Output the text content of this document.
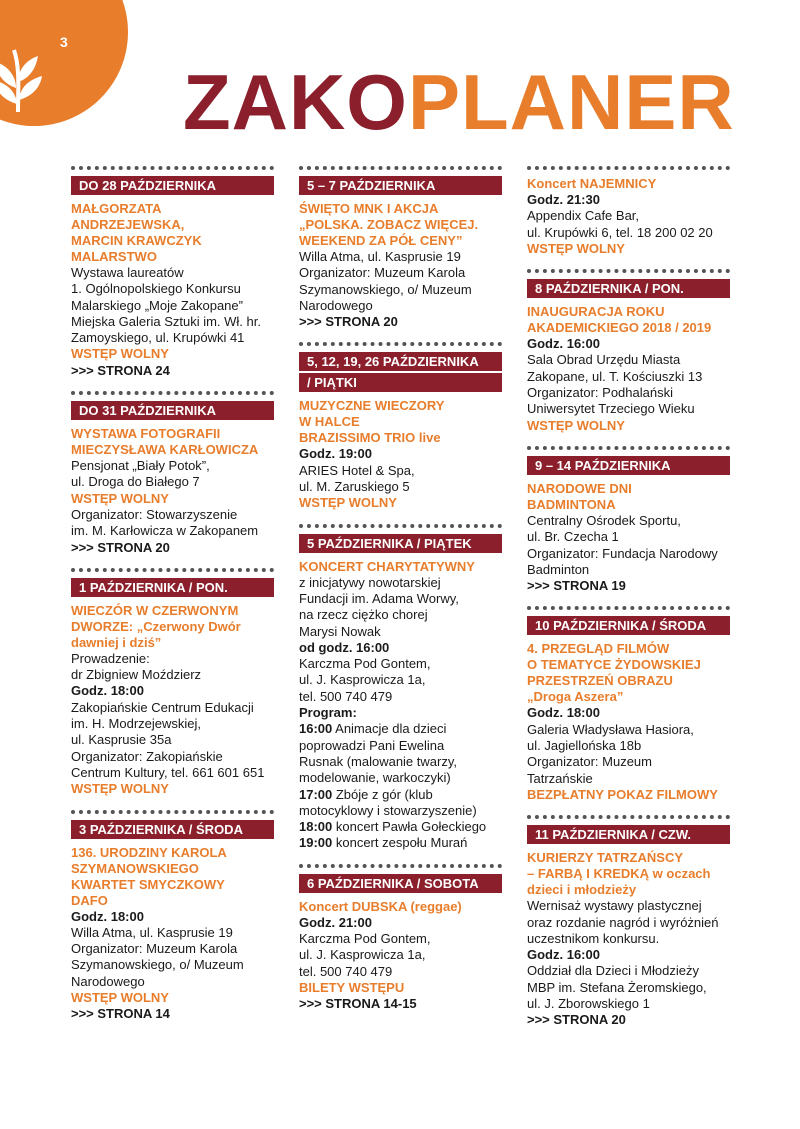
3
ZAKOPLANER
DO 28 PAŹDZIERNIKA
MAŁGORZATA
ANDRZEJEWSKA,
MARCIN KRAWCZYK
MALARSTWO
Wystawa laureatów
1. Ogólnopolskiego Konkursu
Malarskiego „Moje Zakopane”
Miejska Galeria Sztuki im. Wł. hr.
Zamoyskiego, ul. Krupówki 41
WSTĘP WOLNY
>>> STRONA 24
DO 31 PAŹDZIERNIKA
WYSTAWA FOTOGRAFII
MIECZYSŁAWA KARŁOWICZA
Pensjonat „Biały Potok”,
ul. Droga do Białego 7
WSTĘP WOLNY
Organizator: Stowarzyszenie
im. M. Karłowicza w Zakopanem
>>> STRONA 20
1 PAŹDZIERNIKA / PON.
WIECZÓR W CZERWONYM
DWORZE: „Czerwony Dwór
dawniej i dziś”
Prowadzenie:
dr Zbigniew Moździerz
Godz. 18:00
Zakopiańskie Centrum Edukacji
im. H. Modrzejewskiej,
ul. Kasprusie 35a
Organizator: Zakopiańskie
Centrum Kultury, tel. 661 601 651
WSTĘP WOLNY
3 PAŹDZIERNIKA / ŚRODA
136. URODZINY KAROLA
SZYMANOWSKIEGO
KWARTET SMYCZKOWY
DAFO
Godz. 18:00
Willa Atma, ul. Kasprusie 19
Organizator: Muzeum Karola
Szymanowskiego, o/ Muzeum
Narodowego
WSTĘP WOLNY
>>> STRONA 14
5 – 7 PAŹDZIERNIKA
ŚWIĘTO MNK I AKCJA
„POLSKA. ZOBACZ WIĘCEJ.
WEEKEND ZA PÓŁ CENY”
Willa Atma, ul. Kasprusie 19
Organizator: Muzeum Karola
Szymanowskiego, o/ Muzeum
Narodowego
>>> STRONA 20
5, 12, 19, 26 PAŹDZIERNIKA
/ PIĄTKI
MUZYCZNE WIECZORY
W HALCE
BRAZISSIMO TRIO live
Godz. 19:00
ARIES Hotel & Spa,
ul. M. Zaruskiego 5
WSTĘP WOLNY
5 PAŹDZIERNIKA / PIĄTEK
KONCERT CHARYTATYWNY
z inicjatywy nowotarskiej
Fundacji im. Adama Worwy,
na rzecz ciężko chorej
Marysi Nowak
od godz. 16:00
Karczma Pod Gontem,
ul. J. Kasprowicza 1a,
tel. 500 740 479
Program:
16:00 Animacje dla dzieci
poprowadzi Pani Ewelina
Rusnak (malowanie twarzy,
modelowanie, warkoczyki)
17:00 Zbóje z gór (klub
motocyklowy i stowarzyszenie)
18:00 koncert Pawła Gołeckiego
19:00 koncert zespołu Murań
6 PAŹDZIERNIKA / SOBOTA
Koncert DUBSKA (reggae)
Godz. 21:00
Karczma Pod Gontem,
ul. J. Kasprowicza 1a,
tel. 500 740 479
BILETY WSTĘPU
>>> STRONA 14-15
Koncert NAJEMNICY
Godz. 21:30
Appendix Cafe Bar,
ul. Krupówki 6, tel. 18 200 02 20
WSTĘP WOLNY
8 PAŹDZIERNIKA / PON.
INAUGURACJA ROKU
AKADEMICKIEGO 2018 / 2019
Godz. 16:00
Sala Obrad Urzędu Miasta
Zakopane, ul. T. Kościuszki 13
Organizator: Podhalański
Uniwersytet Trzeciego Wieku
WSTĘP WOLNY
9 – 14 PAŹDZIERNIKA
NARODOWE DNI
BADMINTONA
Centralny Ośrodek Sportu,
ul. Br. Czecha 1
Organizator: Fundacja Narodowy
Badminton
>>> STRONA 19
10 PAŹDZIERNIKA / ŚRODA
4. PRZEGLĄD FILMÓW
O TEMATYCE ŻYDOWSKIEJ
PRZESTRZEŃ OBRAZU
„Droga Aszera”
Godz. 18:00
Galeria Władysława Hasiora,
ul. Jagiellońska 18b
Organizator: Muzeum
Tatrzańskie
BEZPŁATNY POKAZ FILMOWY
11 PAŹDZIERNIKA / CZW.
KURIERZY TATRZAŃSCY
– FARBĄ I KREDKĄ w oczach
dzieci i młodzieży
Wernisaż wystawy plastycznej
oraz rozdanie nagród i wyróżnień
uczestnikom konkursu.
Godz. 16:00
Oddział dla Dzieci i Młodzieży
MBP im. Stefana Żeromskiego,
ul. J. Zborowskiego 1
>>> STRONA 20
